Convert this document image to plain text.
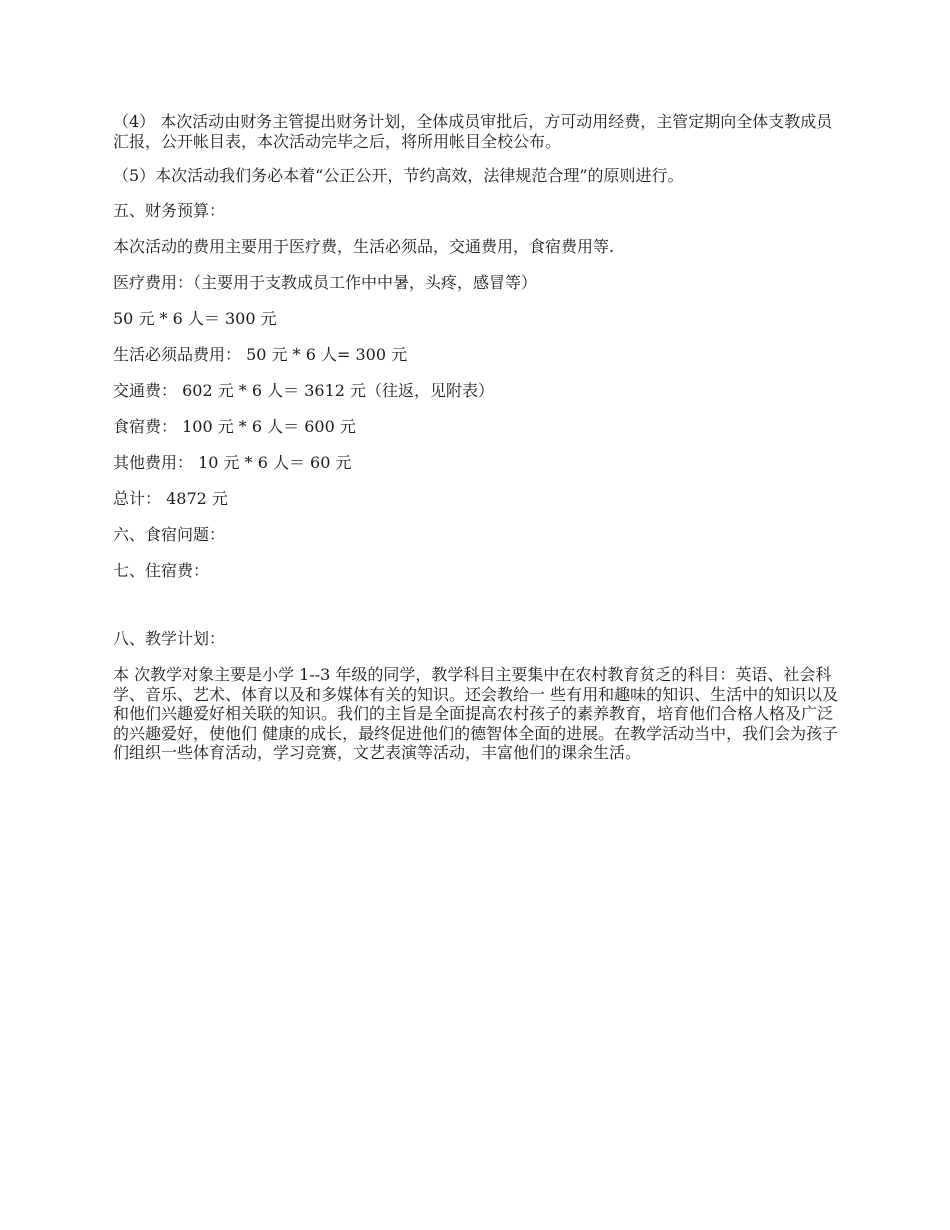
（4） 本次活动由财务主管提出财务计划，全体成员审批后，方可动用经费，主管定期向全体支教成员汇报，公开帐目表，本次活动完毕之后，将所用帐目全校公布。

（5）本次活动我们务必本着“公正公开，节约高效，法律规范合理”的原则进行。

五、财务预算：

本次活动的费用主要用于医疗费，生活必须品，交通费用，食宿费用等.

医疗费用：（主要用于支教成员工作中中暑，头疼，感冒等）

50 元 * 6 人＝ 300 元

生活必须品费用： 50 元 * 6 人= 300 元

交通费： 602 元 * 6 人＝ 3612 元（往返，见附表）

食宿费： 100 元 * 6 人＝ 600 元

其他费用： 10 元 * 6 人＝ 60 元

总计： 4872 元

六、食宿问题：

七、住宿费：

八、教学计划：

本 次教学对象主要是小学 1--3 年级的同学，教学科目主要集中在农村教育贫乏的科目：英语、社会科学、音乐、艺术、体育以及和多媒体有关的知识。还会教给一 些有用和趣味的知识、生活中的知识以及和他们兴趣爱好相关联的知识。我们的主旨是全面提高农村孩子的素养教育，培育他们合格人格及广泛的兴趣爱好，使他们 健康的成长，最终促进他们的德智体全面的进展。在教学活动当中，我们会为孩子们组织一些体育活动，学习竞赛，文艺表演等活动，丰富他们的课余生活。
